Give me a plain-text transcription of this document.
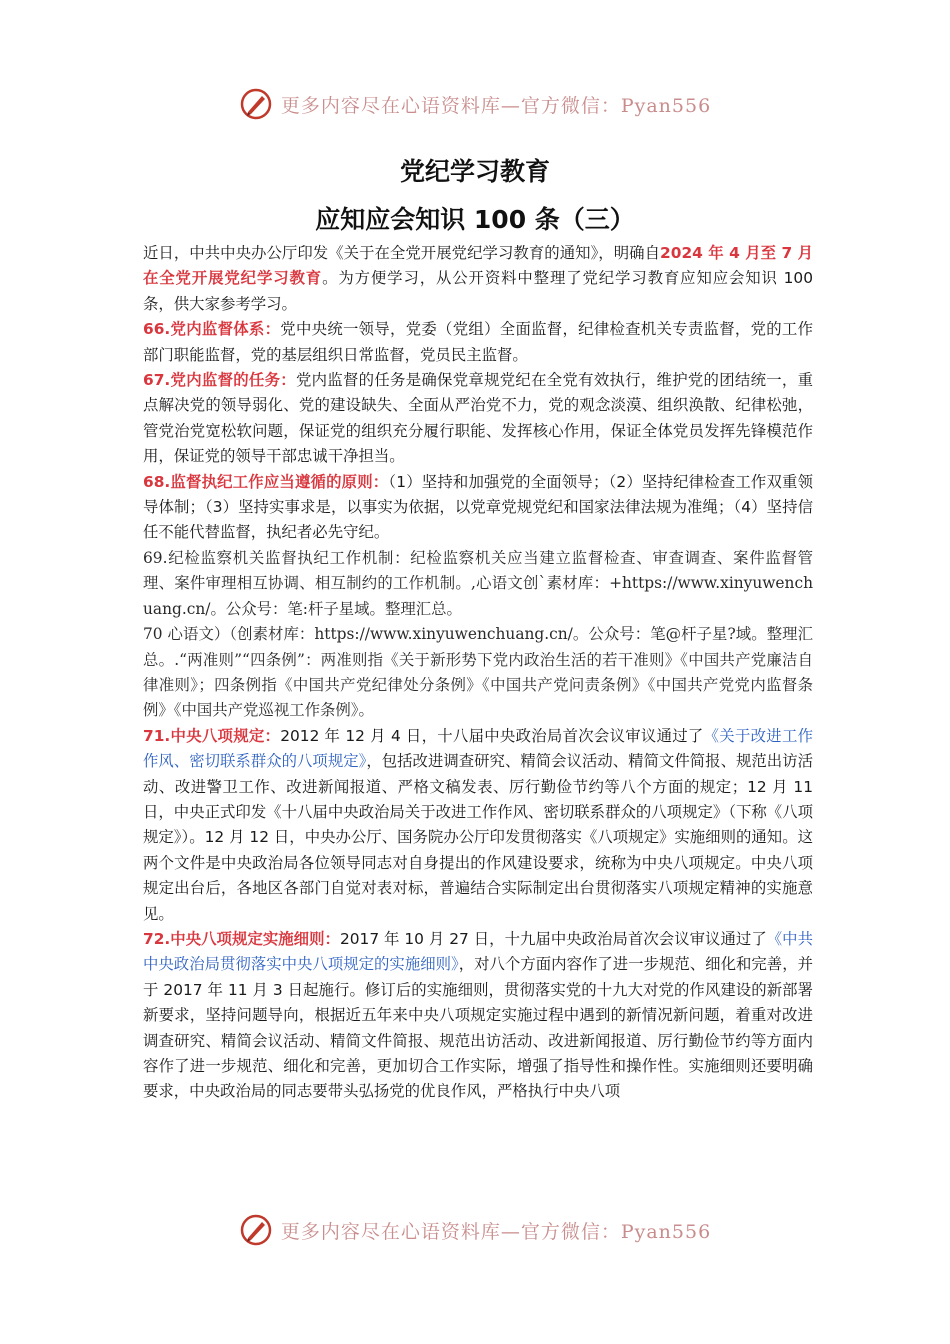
更多内容尽在心语资料库—官方微信：Pyan556
党纪学习教育
应知应会知识 100 条（三）

近日，中共中央办公厅印发《关于在全党开展党纪学习教育的通知》，明确自2024 年 4 月至 7 月在全党开展党纪学习教育。为方便学习，从公开资料中整理了党纪学习教育应知应会知识 100 条，供大家参考学习。

66.党内监督体系：党中央统一领导，党委（党组）全面监督，纪律检查机关专责监督，党的工作部门职能监督，党的基层组织日常监督，党员民主监督。

67.党内监督的任务：党内监督的任务是确保党章规党纪在全党有效执行，维护党的团结统一，重点解决党的领导弱化、党的建设缺失、全面从严治党不力，党的观念淡漠、组织涣散、纪律松弛，管党治党宽松软问题，保证党的组织充分履行职能、发挥核心作用，保证全体党员发挥先锋模范作用，保证党的领导干部忠诚干净担当。

68.监督执纪工作应当遵循的原则：（1）坚持和加强党的全面领导；（2）坚持纪律检查工作双重领导体制；（3）坚持实事求是，以事实为依据，以党章党规党纪和国家法律法规为准绳；（4）坚持信任不能代替监督，执纪者必先守纪。

69.纪检监察机关监督执纪工作机制：纪检监察机关应当建立监督检查、审查调查、案件监督管理、案件审理相互协调、相互制约的工作机制。,心语文创`素材库：+https://www.xinyuwenchuang.cn/。公众号：笔:杆子星域。整理汇总。

70 心语文）（创素材库：https://www.xinyuwenchuang.cn/。公众号：笔@杆子星?域。整理汇总。.“两准则”“四条例”：两准则指《关于新形势下党内政治生活的若干准则》《中国共产党廉洁自律准则》；四条例指《中国共产党纪律处分条例》《中国共产党问责条例》《中国共产党党内监督条例》《中国共产党巡视工作条例》。

71.中央八项规定：2012 年 12 月 4 日，十八届中央政治局首次会议审议通过了《关于改进工作作风、密切联系群众的八项规定》，包括改进调查研究、精简会议活动、精简文件简报、规范出访活动、改进警卫工作、改进新闻报道、严格文稿发表、厉行勤俭节约等八个方面的规定；12 月 11 日，中央正式印发《十八届中央政治局关于改进工作作风、密切联系群众的八项规定》（下称《八项规定》）。12 月 12 日，中央办公厅、国务院办公厅印发贯彻落实《八项规定》实施细则的通知。这两个文件是中央政治局各位领导同志对自身提出的作风建设要求，统称为中央八项规定。中央八项规定出台后，各地区各部门自觉对表对标，普遍结合实际制定出台贯彻落实八项规定精神的实施意见。

72.中央八项规定实施细则：2017 年 10 月 27 日，十九届中央政治局首次会议审议通过了《中共中央政治局贯彻落实中央八项规定的实施细则》，对八个方面内容作了进一步规范、细化和完善，并于 2017 年 11 月 3 日起施行。修订后的实施细则，贯彻落实党的十九大对党的作风建设的新部署新要求，坚持问题导向，根据近五年来中央八项规定实施过程中遇到的新情况新问题，着重对改进调查研究、精简会议活动、精简文件简报、规范出访活动、改进新闻报道、厉行勤俭节约等方面内容作了进一步规范、细化和完善，更加切合工作实际，增强了指导性和操作性。实施细则还要明确要求，中央政治局的同志要带头弘扬党的优良作风，严格执行中央八项

更多内容尽在心语资料库—官方微信：Pyan556
